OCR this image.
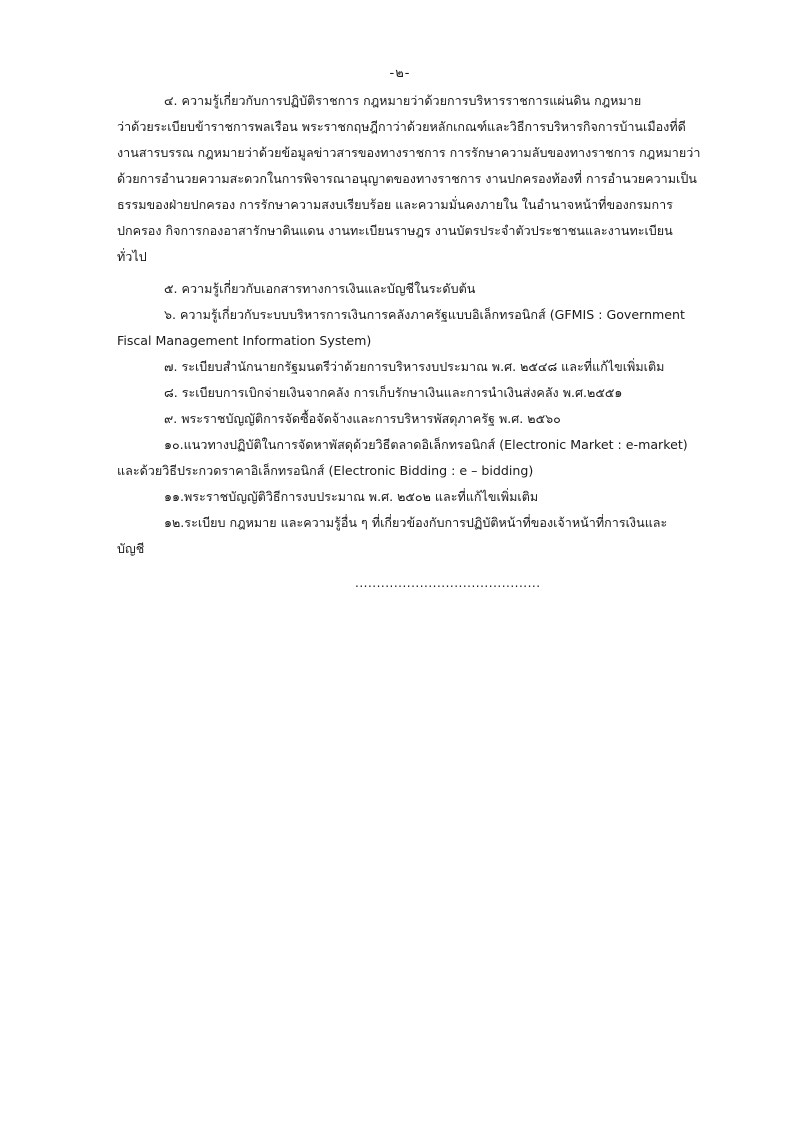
-๒-
๔. ความรู้เกี่ยวกับการปฏิบัติราชการ กฎหมายว่าด้วยการบริหารราชการแผ่นดิน กฎหมาย
ว่าด้วยระเบียบข้าราชการพลเรือน พระราชกฤษฎีกาว่าด้วยหลักเกณฑ์และวิธีการบริหารกิจการบ้านเมืองที่ดี
งานสารบรรณ กฎหมายว่าด้วยข้อมูลข่าวสารของทางราชการ การรักษาความลับของทางราชการ กฎหมายว่า
ด้วยการอำนวยความสะดวกในการพิจารณาอนุญาตของทางราชการ งานปกครองท้องที่ การอำนวยความเป็น
ธรรมของฝ่ายปกครอง การรักษาความสงบเรียบร้อย และความมั่นคงภายใน ในอำนาจหน้าที่ของกรมการ
ปกครอง กิจการกองอาสารักษาดินแดน งานทะเบียนราษฎร งานบัตรประจำตัวประชาชนและงานทะเบียน
ทั่วไป
๕. ความรู้เกี่ยวกับเอกสารทางการเงินและบัญชีในระดับต้น
๖. ความรู้เกี่ยวกับระบบบริหารการเงินการคลังภาครัฐแบบอิเล็กทรอนิกส์ (GFMIS : Government
Fiscal Management Information System)
๗. ระเบียบสำนักนายกรัฐมนตรีว่าด้วยการบริหารงบประมาณ พ.ศ. ๒๕๔๘ และที่แก้ไขเพิ่มเติม
๘. ระเบียบการเบิกจ่ายเงินจากคลัง การเก็บรักษาเงินและการนำเงินส่งคลัง พ.ศ.๒๕๕๑
๙. พระราชบัญญัติการจัดซื้อจัดจ้างและการบริหารพัสดุภาครัฐ พ.ศ. ๒๕๖๐
๑๐.แนวทางปฏิบัติในการจัดหาพัสดุด้วยวิธีตลาดอิเล็กทรอนิกส์ (Electronic Market : e-market)
และด้วยวิธีประกวดราคาอิเล็กทรอนิกส์ (Electronic Bidding : e – bidding)
๑๑.พระราชบัญญัติวิธีการงบประมาณ พ.ศ. ๒๕๐๒ และที่แก้ไขเพิ่มเติม
๑๒.ระเบียบ กฎหมาย และความรู้อื่น ๆ ที่เกี่ยวข้องกับการปฏิบัติหน้าที่ของเจ้าหน้าที่การเงินและ
บัญชี
...........................................
